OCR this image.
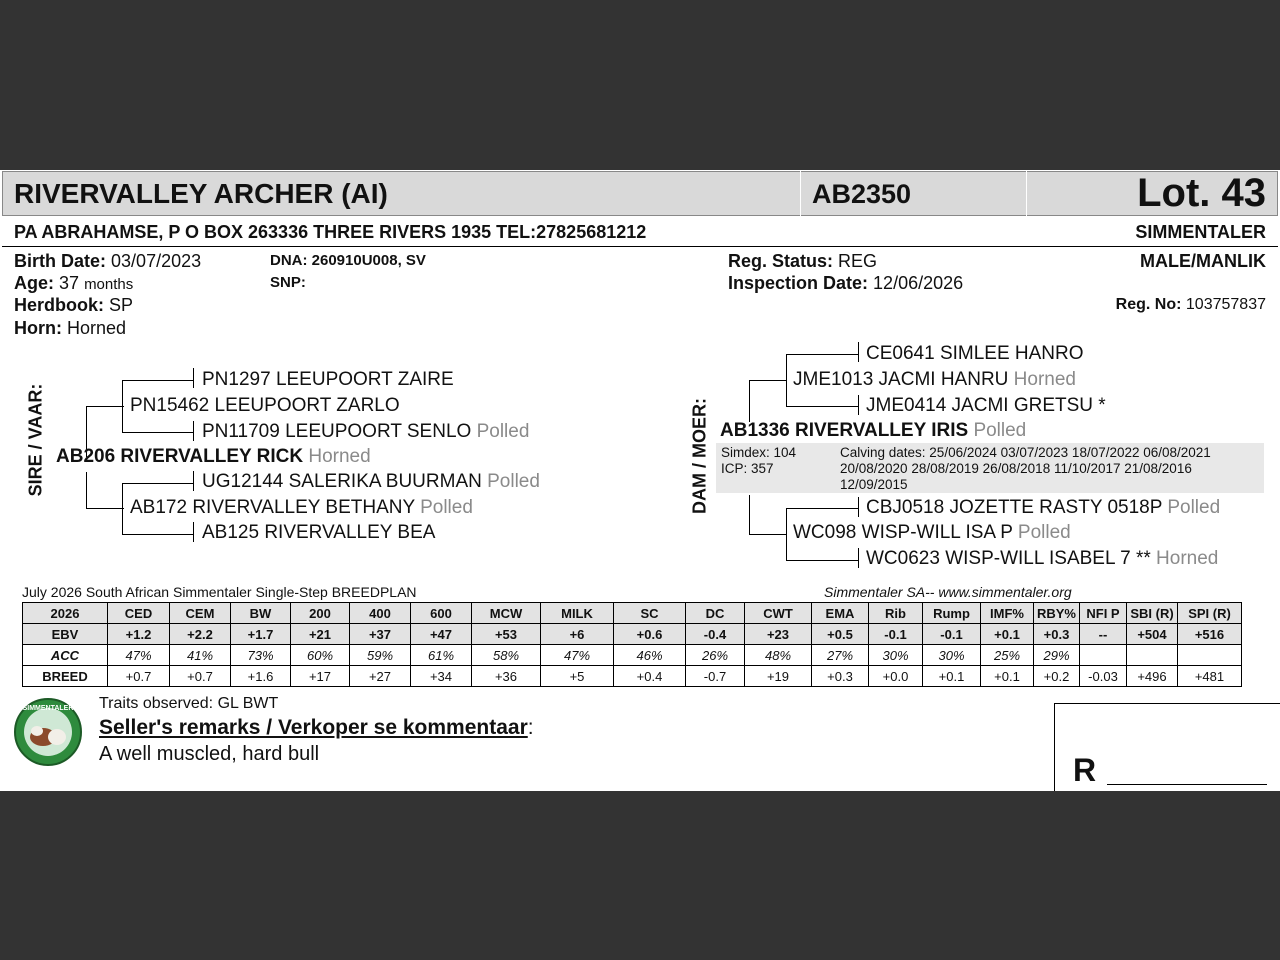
RIVERVALLEY ARCHER (AI)	AB2350	Lot. 43
PA ABRAHAMSE, P O BOX 263336 THREE RIVERS 1935 TEL:27825681212	SIMMENTALER
Birth Date: 03/07/2023
Age: 37 months
Herdbook: SP
Horn: Horned
DNA: 260910U008, SV
SNP:
Reg. Status: REG
Inspection Date: 12/06/2026
MALE/MANLIK
Reg. No: 103757837
SIRE / VAAR:
PN1297 LEEUPOORT ZAIRE
PN15462 LEEUPOORT ZARLO
PN11709 LEEUPOORT SENLO Polled
AB206 RIVERVALLEY RICK Horned
UG12144 SALERIKA BUURMAN Polled
AB172 RIVERVALLEY BETHANY Polled
AB125 RIVERVALLEY BEA
DAM / MOER:
CE0641 SIMLEE HANRO
JME1013 JACMI HANRU Horned
JME0414 JACMI GRETSU *
AB1336 RIVERVALLEY IRIS Polled
Simdex: 104
ICP: 357
Calving dates: 25/06/2024 03/07/2023 18/07/2022 06/08/2021
20/08/2020 28/08/2019 26/08/2018 11/10/2017 21/08/2016
12/09/2015
CBJ0518 JOZETTE RASTY 0518P Polled
WC098 WISP-WILL ISA P Polled
WC0623 WISP-WILL ISABEL 7 ** Horned
July 2026 South African Simmentaler Single-Step BREEDPLAN	Simmentaler SA-- www.simmentaler.org
2026	CED	CEM	BW	200	400	600	MCW	MILK	SC	DC	CWT	EMA	Rib	Rump	IMF%	RBY%	NFI P	SBI (R)	SPI (R)
EBV	+1.2	+2.2	+1.7	+21	+37	+47	+53	+6	+0.6	-0.4	+23	+0.5	-0.1	-0.1	+0.1	+0.3	--	+504	+516
ACC	47%	41%	73%	60%	59%	61%	58%	47%	46%	26%	48%	27%	30%	30%	25%	29%			
BREED	+0.7	+0.7	+1.6	+17	+27	+34	+36	+5	+0.4	-0.7	+19	+0.3	+0.0	+0.1	+0.1	+0.2	-0.03	+496	+481
SIMMENTALER Traits observed: GL BWT
Seller's remarks / Verkoper se kommentaar:
A well muscled, hard bull	R
